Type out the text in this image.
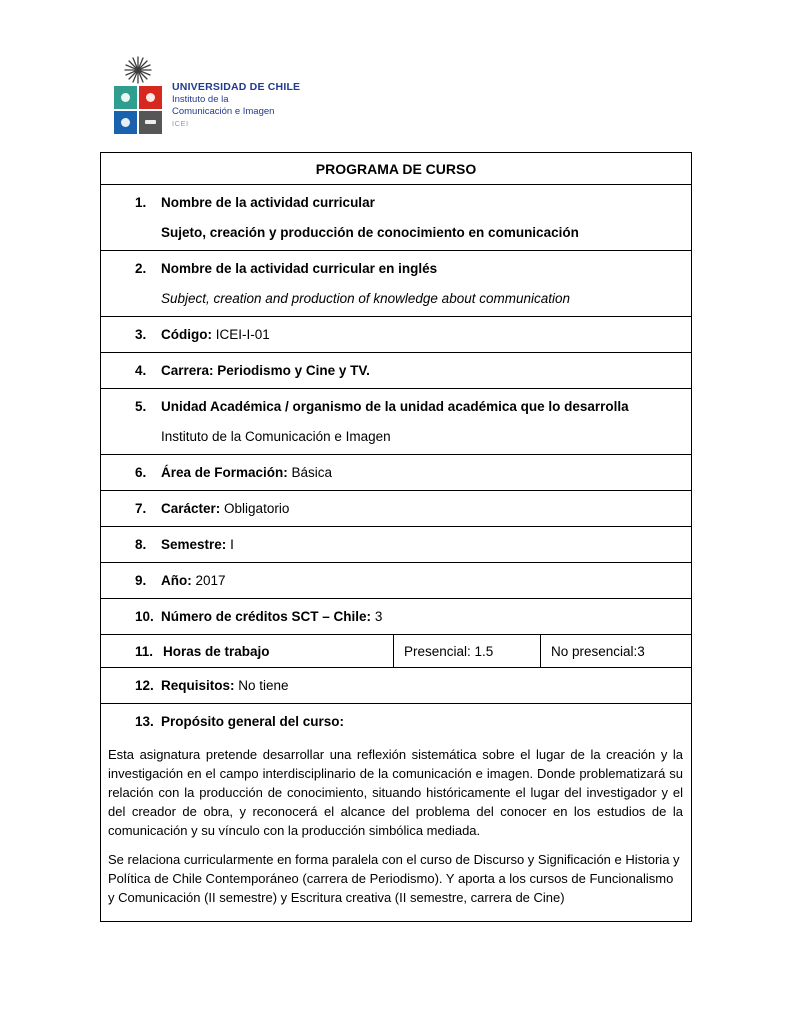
UNIVERSIDAD DE CHILE
Instituto de la
Comunicación e Imagen
ICEI
PROGRAMA DE CURSO
1.	Nombre de la actividad curricular
Sujeto, creación y producción de conocimiento en comunicación
2.	Nombre de la actividad curricular en inglés
Subject, creation and production of knowledge about communication
3.	Código: ICEI-I-01
4.	Carrera: Periodismo y Cine y TV.
5.	Unidad Académica / organismo de la unidad académica que lo desarrolla
Instituto de la Comunicación e Imagen
6.	Área de Formación: Básica
7.	Carácter: Obligatorio
8.	Semestre: I
9.	Año: 2017
10. Número de créditos SCT – Chile: 3
11. Horas de trabajo	Presencial: 1.5	No presencial:3
12. Requisitos: No tiene
13. Propósito general del curso:

Esta asignatura pretende desarrollar una reflexión sistemática sobre el lugar de la creación y la investigación en el campo interdisciplinario de la comunicación e imagen. Donde problematizará su relación con la producción de conocimiento, situando históricamente el lugar del investigador y el del creador de obra, y reconocerá el alcance del problema del conocer en los estudios de la comunicación y su vínculo con la producción simbólica mediada.

Se relaciona curricularmente en forma paralela con el curso de Discurso y Significación e Historia y Política de Chile Contemporáneo (carrera de Periodismo). Y aporta a los cursos de Funcionalismo y Comunicación (II semestre) y Escritura creativa (II semestre, carrera de Cine)
